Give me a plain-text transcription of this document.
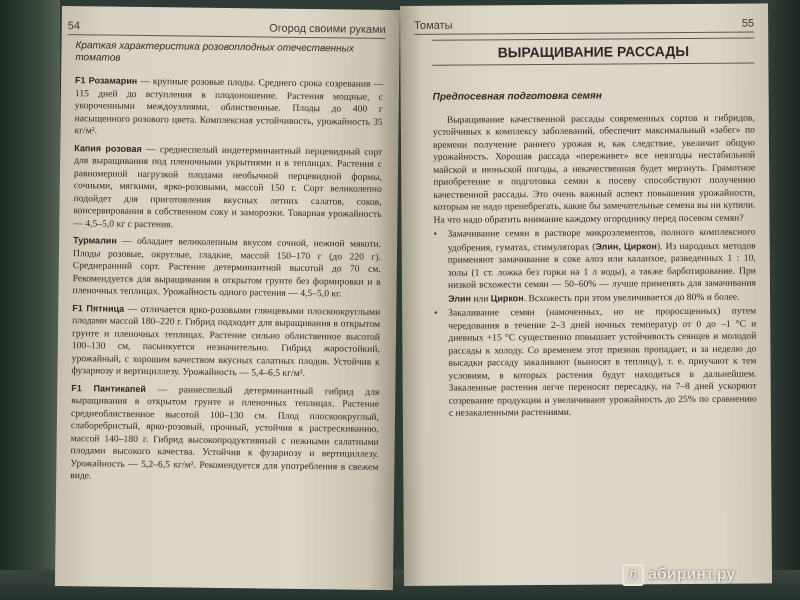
54	Огород своими руками
Краткая характеристика розовоплодных отечественных томатов

F1 Розамарин — крупные розовые плоды. Среднего срока созревания — 115 дней до вступления в плодоношение. Растения мощные, с укороченными междоузлиями, облиственные. Плоды до 400 г насыщенного розового цвета. Комплексная устойчивость, урожайность 35 кг/м².

Капия розовая — среднеспелый индетерминантный перцевидный сорт для выращивания под пленочными укрытиями и в теплицах. Растения с равномерной нагрузкой плодами необычной перцевидной формы, сочными, мягкими, ярко-розовыми, массой 150 г. Сорт великолепно подойдет для приготовления вкусных летних салатов, соков, консервирования в собственном соку и заморозки. Товарная урожайность — 4,5–5,0 кг с растения.

Турмалин — обладает великолепным вкусом сочной, нежной мякоти. Плоды розовые, округлые, гладкие, массой 150–170 г (до 220 г). Среднеранний сорт. Растение детерминантной высотой до 70 см. Рекомендуется для выращивания в открытом грунте без формировки и в пленочных теплицах. Урожайность одного растения — 4,5–5,0 кг.

F1 Пятница — отличается ярко-розовыми глянцевыми плоскоокруглыми плодами массой 180–220 г. Гибрид подходит для выращивания в открытом грунте и пленочных теплицах. Растение сильно облиственное высотой 100–130 см, пасынкуется незначительно. Гибрид жаростойкий, урожайный, с хорошим качеством вкусных салатных плодов. Устойчив к фузариозу и вертициллезу. Урожайность — 5,4–6,5 кг/м².

F1 Пантикапей — раннеспелый детерминантный гибрид для выращивания в открытом грунте и пленочных теплицах. Растение среднеоблиственное высотой 100–130 см. Плод плоскоокруглый, слаборебристый, ярко-розовый, прочный, устойчив к растрескиванию, массой 140–180 г. Гибрид высокопродуктивный с нежными салатными плодами высокого качества. Устойчив к фузариозу и вертициллезу. Урожайность — 5,2–6,5 кг/м². Рекомендуется для употребления в свежем виде.

Томаты	55
ВЫРАЩИВАНИЕ РАССАДЫ
Предпосевная подготовка семян

Выращивание качественной рассады современных сортов и гибридов, устойчивых к комплексу заболеваний, обеспечит максимальный «забег» по времени получение раннего урожая и, как следствие, увеличит общую урожайность. Хорошая рассада «переживет» все невзгоды нестабильной майской и июньской погоды, а некачественная будет мерзнуть. Грамотное приобретение и подготовка семян к посеву способствуют получению качественной рассады. Это очень важный аспект повышения урожайности, которым не надо пренебрегать, какие бы замечательные семена вы ни купили. На что надо обратить внимание каждому огороднику перед посевом семян?

• Замачивание семян в растворе микроэлементов, полного комплексного удобрения, гуматах, стимуляторах (Элин, Циркон). Из народных методов применяют замачивание в соке алоэ или каланхое, разведенных 1 : 10, золы (1 ст. ложка без горки на 1 л воды), а также барботирование. При низкой всхожести семян — 50–60% — лучше применять для замачивания Элин или Циркон. Всхожесть при этом увеличивается до 80% и более.
• Закаливание семян (намоченных, но не проросщенных) путем чередования в течение 2–3 дней ночных температур от 0 до –1 °С и дневных +15 °С существенно повышает устойчивость сеянцев и молодой рассады к холоду. Со временем этот признак пропадает, и за неделю до высадки рассаду закаливают (выносят в теплицу), т. е. приучают к тем условиям, в которых растения будут находиться в дальнейшем. Закаленные растения легче переносят пересадку, на 7–8 дней ускоряют созревание продукции и увеличивают урожайность до 25% по сравнению с незакаленными растениями.
Л абиринт.ру
